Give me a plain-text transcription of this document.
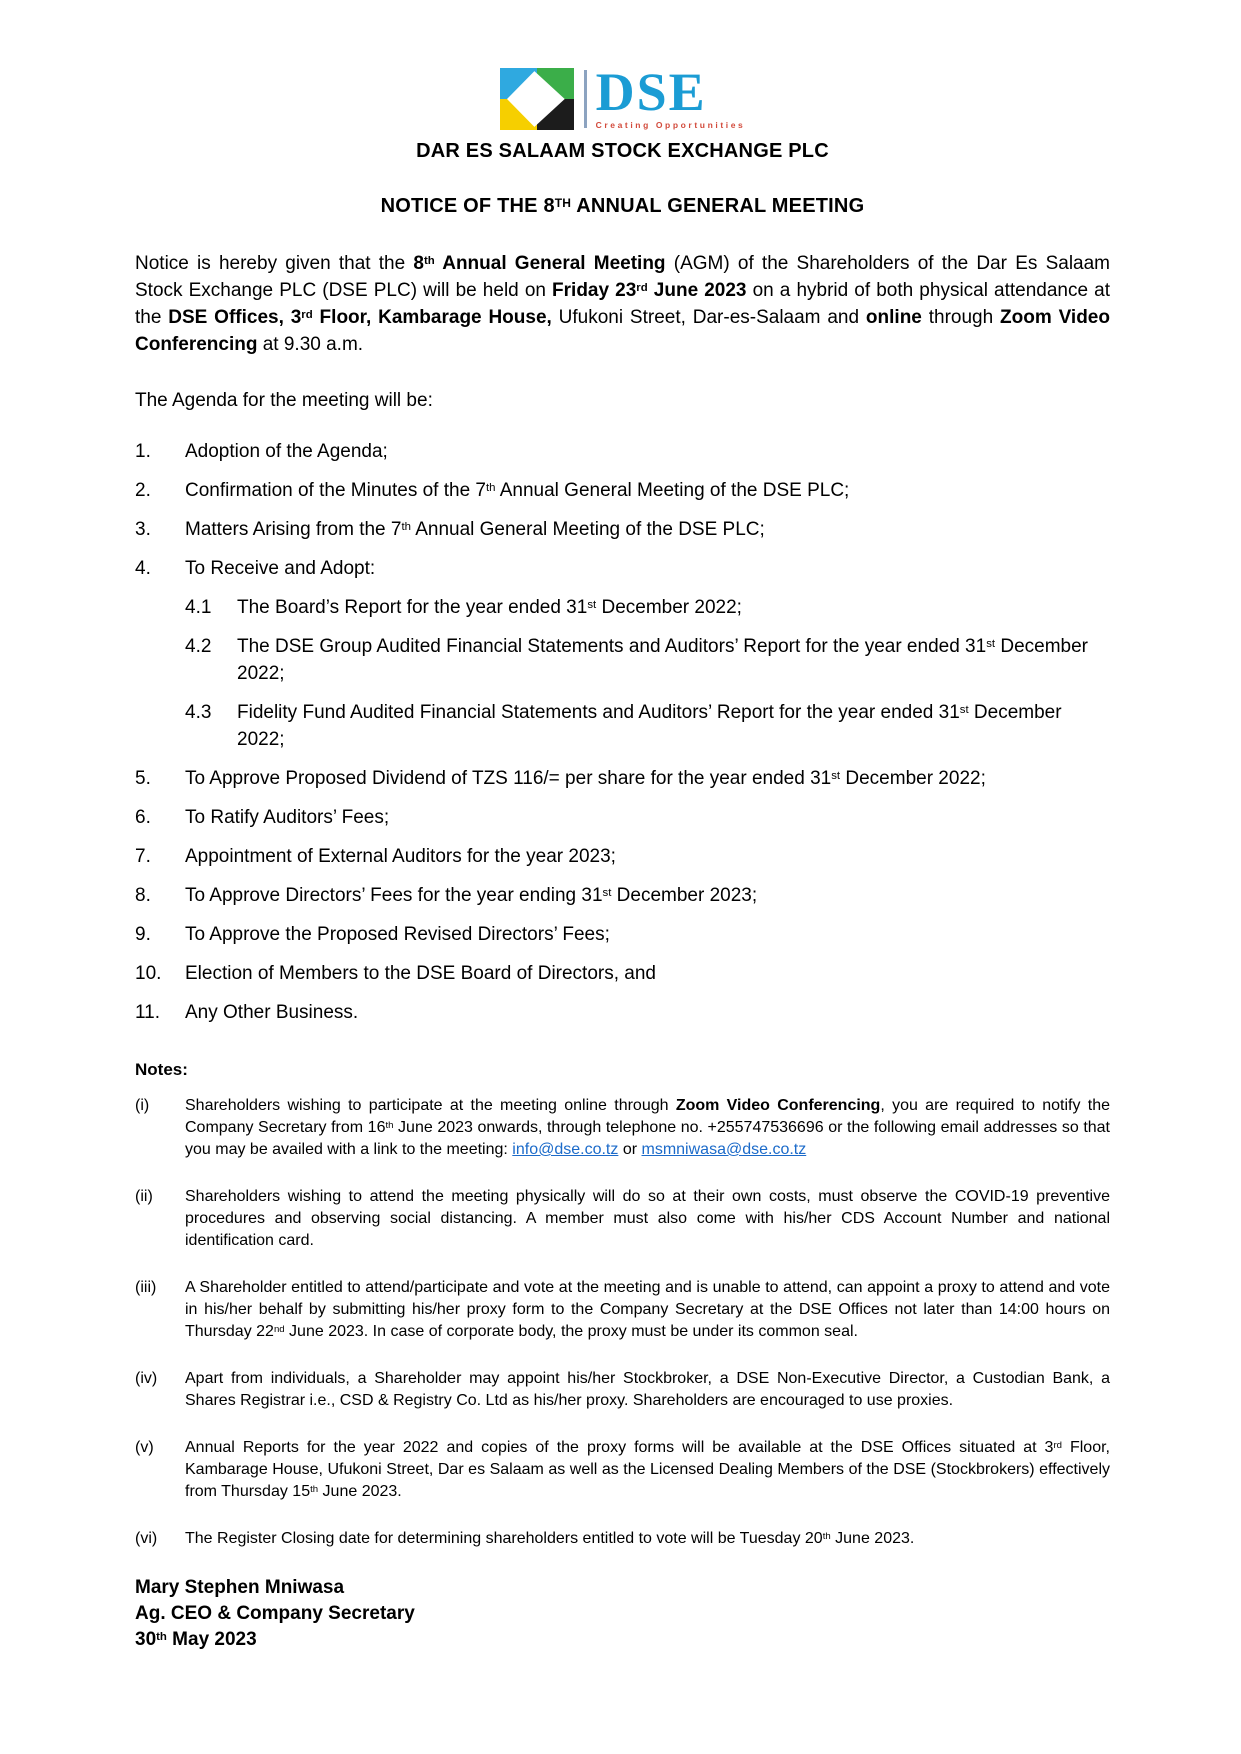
DSE
Creating Opportunities
DAR ES SALAAM STOCK EXCHANGE PLC
NOTICE OF THE 8TH ANNUAL GENERAL MEETING

Notice is hereby given that the 8th Annual General Meeting (AGM) of the Shareholders of the Dar Es Salaam Stock Exchange PLC (DSE PLC) will be held on Friday 23rd June 2023 on a hybrid of both physical attendance at the DSE Offices, 3rd Floor, Kambarage House, Ufukoni Street, Dar-es-Salaam and online through Zoom Video Conferencing at 9.30 a.m.

The Agenda for the meeting will be:

1.	Adoption of the Agenda;
2.	Confirmation of the Minutes of the 7th Annual General Meeting of the DSE PLC;
3.	Matters Arising from the 7th Annual General Meeting of the DSE PLC;
4.	To Receive and Adopt:
4.1	The Board’s Report for the year ended 31st December 2022;
4.2	The DSE Group Audited Financial Statements and Auditors’ Report for the year ended 31st December 2022;
4.3	Fidelity Fund Audited Financial Statements and Auditors’ Report for the year ended 31st December 2022;
5.	To Approve Proposed Dividend of TZS 116/= per share for the year ended 31st December 2022;
6.	To Ratify Auditors’ Fees;
7.	Appointment of External Auditors for the year 2023;
8.	To Approve Directors’ Fees for the year ending 31st December 2023;
9.	To Approve the Proposed Revised Directors’ Fees;
10.	Election of Members to the DSE Board of Directors, and
11.	Any Other Business.
Notes:
(i)	Shareholders wishing to participate at the meeting online through Zoom Video Conferencing, you are required to notify the Company Secretary from 16th June 2023 onwards, through telephone no. +255747536696 or the following email addresses so that you may be availed with a link to the meeting: info@dse.co.tz or msmniwasa@dse.co.tz
(ii)	Shareholders wishing to attend the meeting physically will do so at their own costs, must observe the COVID-19 preventive procedures and observing social distancing. A member must also come with his/her CDS Account Number and national identification card.
(iii)	A Shareholder entitled to attend/participate and vote at the meeting and is unable to attend, can appoint a proxy to attend and vote in his/her behalf by submitting his/her proxy form to the Company Secretary at the DSE Offices not later than 14:00 hours on Thursday 22nd June 2023. In case of corporate body, the proxy must be under its common seal.
(iv)	Apart from individuals, a Shareholder may appoint his/her Stockbroker, a DSE Non-Executive Director, a Custodian Bank, a Shares Registrar i.e., CSD & Registry Co. Ltd as his/her proxy. Shareholders are encouraged to use proxies.
(v)	Annual Reports for the year 2022 and copies of the proxy forms will be available at the DSE Offices situated at 3rd Floor, Kambarage House, Ufukoni Street, Dar es Salaam as well as the Licensed Dealing Members of the DSE (Stockbrokers) effectively from Thursday 15th June 2023.
(vi)	The Register Closing date for determining shareholders entitled to vote will be Tuesday 20th June 2023.
Mary Stephen Mniwasa
Ag. CEO & Company Secretary
30th May 2023
